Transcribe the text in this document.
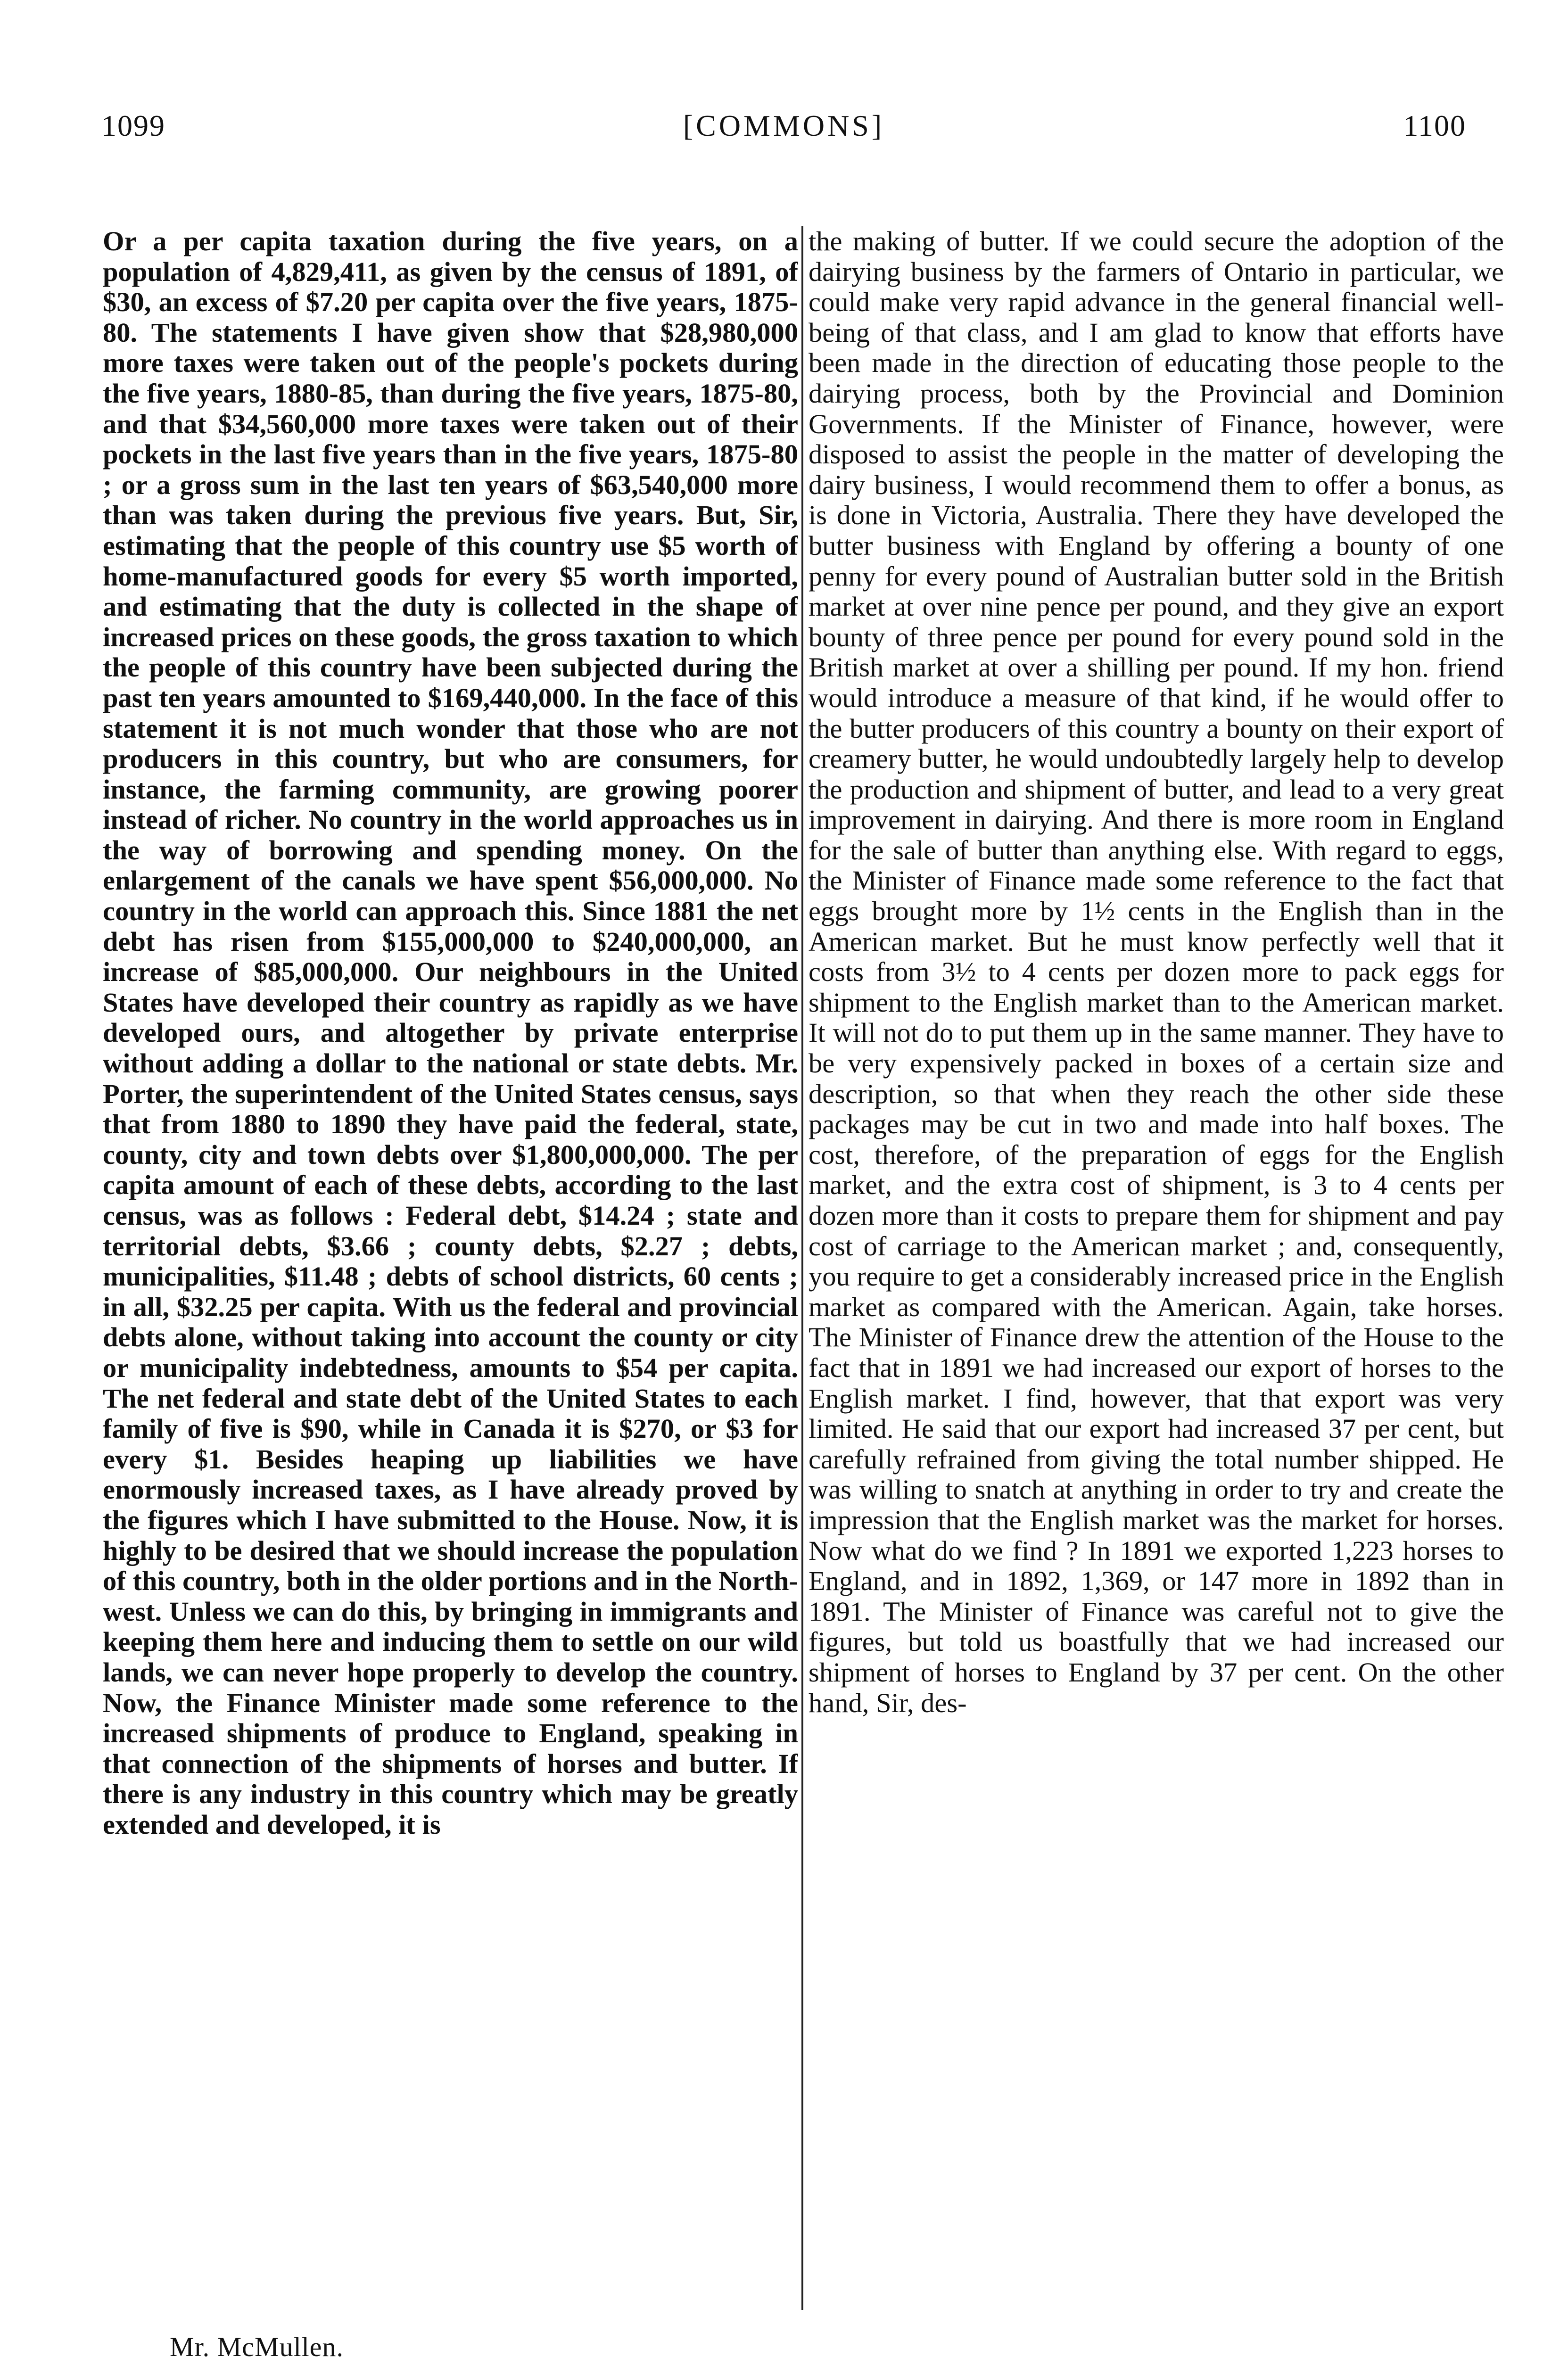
1099	[COMMONS]	1100
Or a per capita taxation during the five years, on a population of 4,829,411, as given by the census of 1891, of $30, an excess of $7.20 per capita over the five years, 1875-80. The statements I have given show that $28,980,000 more taxes were taken out of the people's pockets during the five years, 1880-85, than during the five years, 1875-80, and that $34,560,000 more taxes were taken out of their pockets in the last five years than in the five years, 1875-80 ; or a gross sum in the last ten years of $63,540,000 more than was taken during the previous five years. But, Sir, estimating that the people of this country use $5 worth of home-manufactured goods for every $5 worth imported, and estimating that the duty is collected in the shape of increased prices on these goods, the gross taxation to which the people of this country have been subjected during the past ten years amounted to $169,440,000. In the face of this statement it is not much wonder that those who are not producers in this country, but who are consumers, for instance, the farming community, are growing poorer instead of richer. No country in the world approaches us in the way of borrowing and spending money. On the enlargement of the canals we have spent $56,000,000. No country in the world can approach this. Since 1881 the net debt has risen from $155,000,000 to $240,000,000, an increase of $85,000,000. Our neighbours in the United States have developed their country as rapidly as we have developed ours, and altogether by private enterprise without adding a dollar to the national or state debts. Mr. Porter, the superintendent of the United States census, says that from 1880 to 1890 they have paid the federal, state, county, city and town debts over $1,800,000,000. The per capita amount of each of these debts, according to the last census, was as follows : Federal debt, $14.24 ; state and territorial debts, $3.66 ; county debts, $2.27 ; debts, municipalities, $11.48 ; debts of school districts, 60 cents ; in all, $32.25 per capita. With us the federal and provincial debts alone, without taking into account the county or city or municipality indebtedness, amounts to $54 per capita. The net federal and state debt of the United States to each family of five is $90, while in Canada it is $270, or $3 for every $1. Besides heaping up liabilities we have enormously increased taxes, as I have already proved by the figures which I have submitted to the House. Now, it is highly to be desired that we should increase the population of this country, both in the older portions and in the North-west. Unless we can do this, by bringing in immigrants and keeping them here and inducing them to settle on our wild lands, we can never hope properly to develop the country. Now, the Finance Minister made some reference to the increased shipments of produce to England, speaking in that connection of the shipments of horses and butter. If there is any industry in this country which may be greatly extended and developed, it is
the making of butter. If we could secure the adoption of the dairying business by the farmers of Ontario in particular, we could make very rapid advance in the general financial well-being of that class, and I am glad to know that efforts have been made in the direction of educating those people to the dairying process, both by the Provincial and Dominion Governments. If the Minister of Finance, however, were disposed to assist the people in the matter of developing the dairy business, I would recommend them to offer a bonus, as is done in Victoria, Australia. There they have developed the butter business with England by offering a bounty of one penny for every pound of Australian butter sold in the British market at over nine pence per pound, and they give an export bounty of three pence per pound for every pound sold in the British market at over a shilling per pound. If my hon. friend would introduce a measure of that kind, if he would offer to the butter producers of this country a bounty on their export of creamery butter, he would undoubtedly largely help to develop the production and shipment of butter, and lead to a very great improvement in dairying. And there is more room in England for the sale of butter than anything else. With regard to eggs, the Minister of Finance made some reference to the fact that eggs brought more by 1½ cents in the English than in the American market. But he must know perfectly well that it costs from 3½ to 4 cents per dozen more to pack eggs for shipment to the English market than to the American market. It will not do to put them up in the same manner. They have to be very expensively packed in boxes of a certain size and description, so that when they reach the other side these packages may be cut in two and made into half boxes. The cost, therefore, of the preparation of eggs for the English market, and the extra cost of shipment, is 3 to 4 cents per dozen more than it costs to prepare them for shipment and pay cost of carriage to the American market ; and, consequently, you require to get a considerably increased price in the English market as compared with the American. Again, take horses. The Minister of Finance drew the attention of the House to the fact that in 1891 we had increased our export of horses to the English market. I find, however, that that export was very limited. He said that our export had increased 37 per cent, but carefully refrained from giving the total number shipped. He was willing to snatch at anything in order to try and create the impression that the English market was the market for horses. Now what do we find ? In 1891 we exported 1,223 horses to England, and in 1892, 1,369, or 147 more in 1892 than in 1891. The Minister of Finance was careful not to give the figures, but told us boastfully that we had increased our shipment of horses to England by 37 per cent. On the other hand, Sir, des-
Mr. McMullen.
